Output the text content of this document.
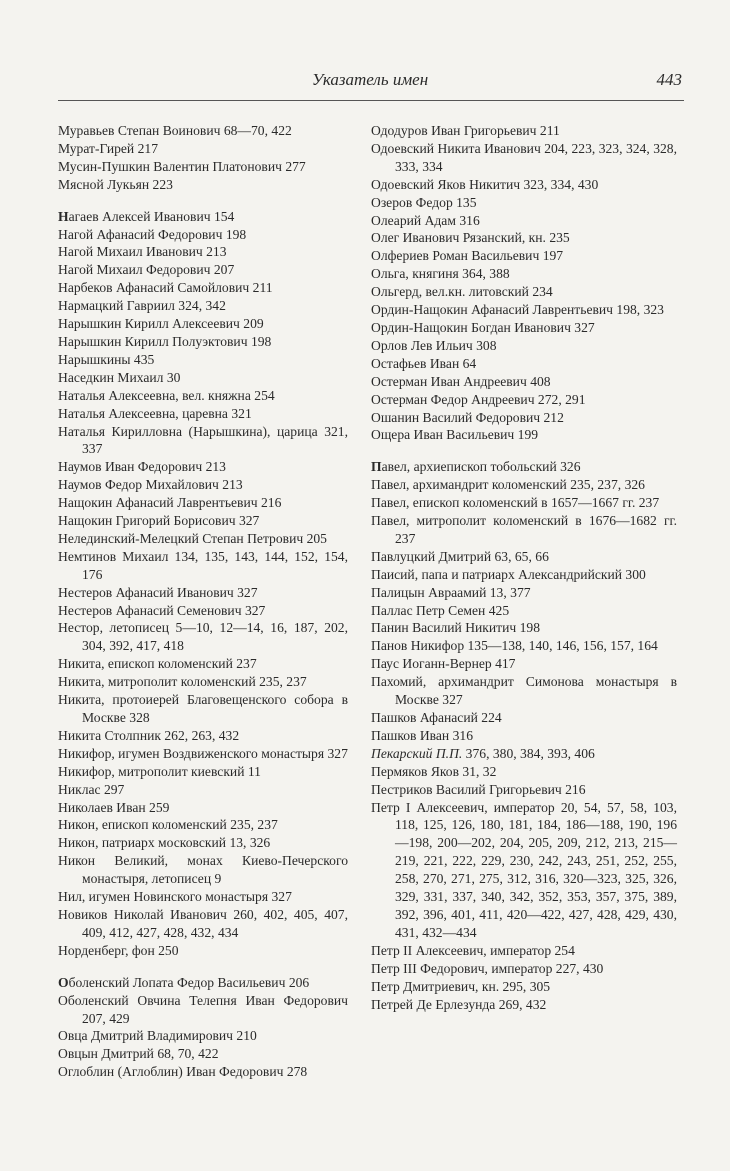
Указатель имен	443

Муравьев Степан Воинович 68—70, 422

Мурат-Гирей 217

Мусин-Пушкин Валентин Платонович 277

Мясной Лукьян 223

Нагаев Алексей Иванович 154

Нагой Афанасий Федорович 198

Нагой Михаил Иванович 213

Нагой Михаил Федорович 207

Нарбеков Афанасий Самойлович 211

Нармацкий Гавриил 324, 342

Нарышкин Кирилл Алексеевич 209

Нарышкин Кирилл Полуэктович 198

Нарышкины 435

Наседкин Михаил 30

Наталья Алексеевна, вел. княжна 254

Наталья Алексеевна, царевна 321

Наталья Кирилловна (Нарышкина), царица 321, 337

Наумов Иван Федорович 213

Наумов Федор Михайлович 213

Нащокин Афанасий Лаврентьевич 216

Нащокин Григорий Борисович 327

Нелединский-Мелецкий Степан Петрович 205

Немтинов Михаил 134, 135, 143, 144, 152, 154, 176

Нестеров Афанасий Иванович 327

Нестеров Афанасий Семенович 327

Нестор, летописец 5—10, 12—14, 16, 187, 202, 304, 392, 417, 418

Никита, епископ коломенский 237

Никита, митрополит коломенский 235, 237

Никита, протоиерей Благовещенского собора в Москве 328

Никита Столпник 262, 263, 432

Никифор, игумен Воздвиженского монастыря 327

Никифор, митрополит киевский 11

Никлас 297

Николаев Иван 259

Никон, епископ коломенский 235, 237

Никон, патриарх московский 13, 326

Никон Великий, монах Киево-Печерского монастыря, летописец 9

Нил, игумен Новинского монастыря 327

Новиков Николай Иванович 260, 402, 405, 407, 409, 412, 427, 428, 432, 434

Норденберг, фон 250

Оболенский Лопата Федор Васильевич 206

Оболенский Овчина Телепня Иван Федорович 207, 429

Овца Дмитрий Владимирович 210

Овцын Дмитрий 68, 70, 422

Оглоблин (Аглоблин) Иван Федорович 278

Ододуров Иван Григорьевич 211

Одоевский Никита Иванович 204, 223, 323, 324, 328, 333, 334

Одоевский Яков Никитич 323, 334, 430

Озеров Федор 135

Олеарий Адам 316

Олег Иванович Рязанский, кн. 235

Олфериев Роман Васильевич 197

Ольга, княгиня 364, 388

Ольгерд, вел.кн. литовский 234

Ордин-Нащокин Афанасий Лаврентьевич 198, 323

Ордин-Нащокин Богдан Иванович 327

Орлов Лев Ильич 308

Остафьев Иван 64

Остерман Иван Андреевич 408

Остерман Федор Андреевич 272, 291

Ошанин Василий Федорович 212

Ощера Иван Васильевич 199

Павел, архиепископ тобольский 326

Павел, архимандрит коломенский 235, 237, 326

Павел, епископ коломенский в 1657—1667 гг. 237

Павел, митрополит коломенский в 1676—1682 гг. 237

Павлуцкий Дмитрий 63, 65, 66

Паисий, папа и патриарх Александрийский 300

Палицын Авраамий 13, 377

Паллас Петр Семен 425

Панин Василий Никитич 198

Панов Никифор 135—138, 140, 146, 156, 157, 164

Паус Иоганн-Вернер 417

Пахомий, архимандрит Симонова монастыря в Москве 327

Пашков Афанасий 224

Пашков Иван 316

Пекарский П.П. 376, 380, 384, 393, 406

Пермяков Яков 31, 32

Пестриков Василий Григорьевич 216

Петр I Алексеевич, император 20, 54, 57, 58, 103, 118, 125, 126, 180, 181, 184, 186—188, 190, 196—198, 200—202, 204, 205, 209, 212, 213, 215—219, 221, 222, 229, 230, 242, 243, 251, 252, 255, 258, 270, 271, 275, 312, 316, 320—323, 325, 326, 329, 331, 337, 340, 342, 352, 353, 357, 375, 389, 392, 396, 401, 411, 420—422, 427, 428, 429, 430, 431, 432—434

Петр II Алексеевич, император 254

Петр III Федорович, император 227, 430

Петр Дмитриевич, кн. 295, 305

Петрей Де Ерлезунда 269, 432
